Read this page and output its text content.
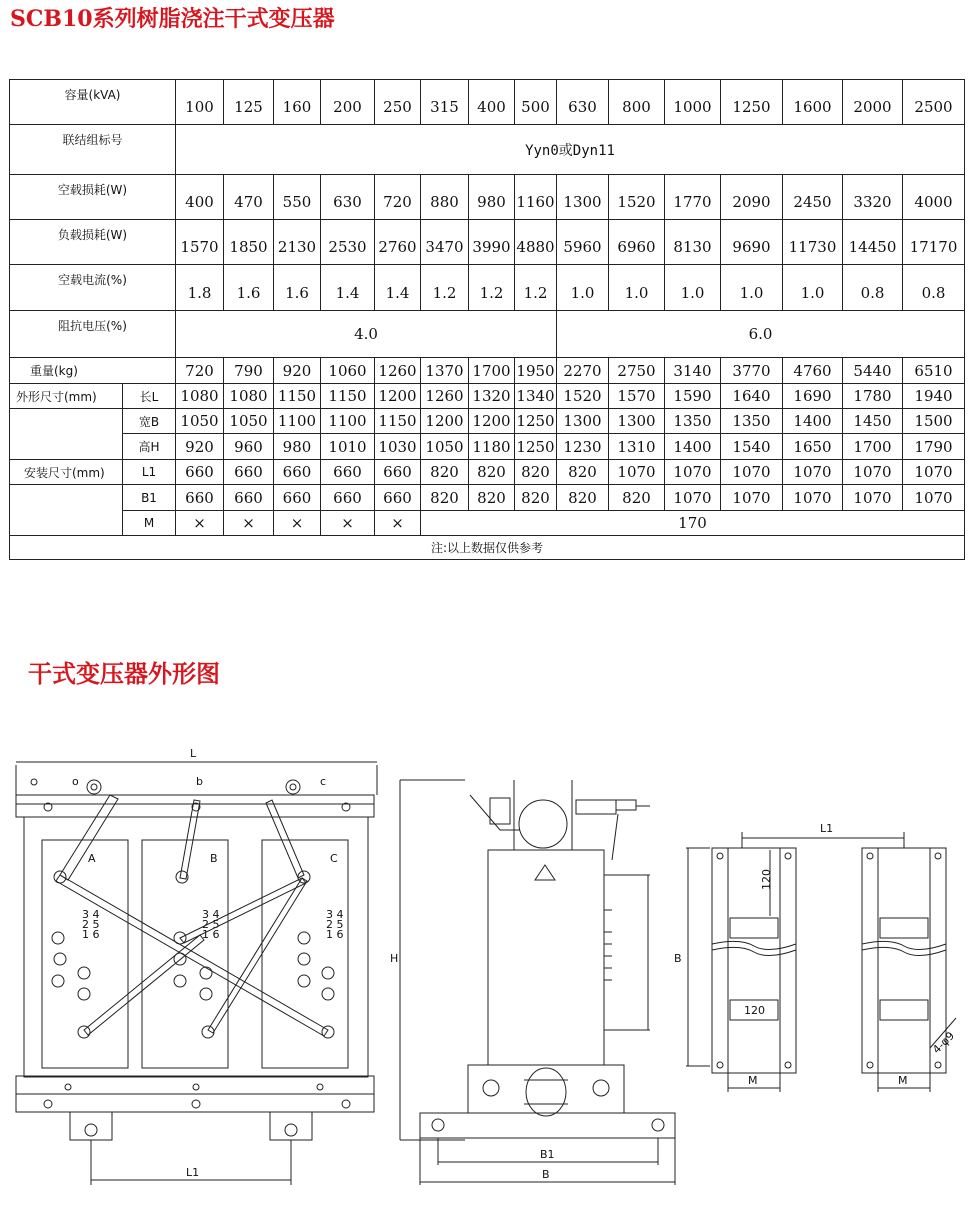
SCB10系列树脂浇注干式变压器
容量(kVA)		100	125	160	200	250	315	400	500	630	800	1000	1250	1600	2000	2500
联结组标号		Yyn0或Dyn11														
空载损耗(W)		400	470	550	630	720	880	980	1160	1300	1520	1770	2090	2450	3320	4000
负载损耗(W)		1570	1850	2130	2530	2760	3470	3990	4880	5960	6960	8130	9690	11730	14450	17170
空载电流(%)		1.8	1.6	1.6	1.4	1.4	1.2	1.2	1.2	1.0	1.0	1.0	1.0	1.0	0.8	0.8
阻抗电压(%)		4.0								6.0						
重量(kg)		720	790	920	1060	1260	1370	1700	1950	2270	2750	3140	3770	4760	5440	6510
外形尺寸(mm)	长L	1080	1080	1150	1150	1200	1260	1320	1340	1520	1570	1590	1640	1690	1780	1940
	宽B	1050	1050	1100	1100	1150	1200	1200	1250	1300	1300	1350	1350	1400	1450	1500
	高H	920	960	980	1010	1030	1050	1180	1250	1230	1310	1400	1540	1650	1700	1790
安装尺寸(mm)	L1	660	660	660	660	660	820	820	820	820	1070	1070	1070	1070	1070	1070
	B1	660	660	660	660	660	820	820	820	820	820	1070	1070	1070	1070	1070
	M	×	×	×	×	×	170									
注:以上数据仅供参考																
干式变压器外形图
L
o	b	c
A	B	C
3 4
2 5
1 6
3 4
2 5
1 6
3 4
2 5
1 6
L1
H
B1
B
L1
120
120
4-φ9
B
M	M
